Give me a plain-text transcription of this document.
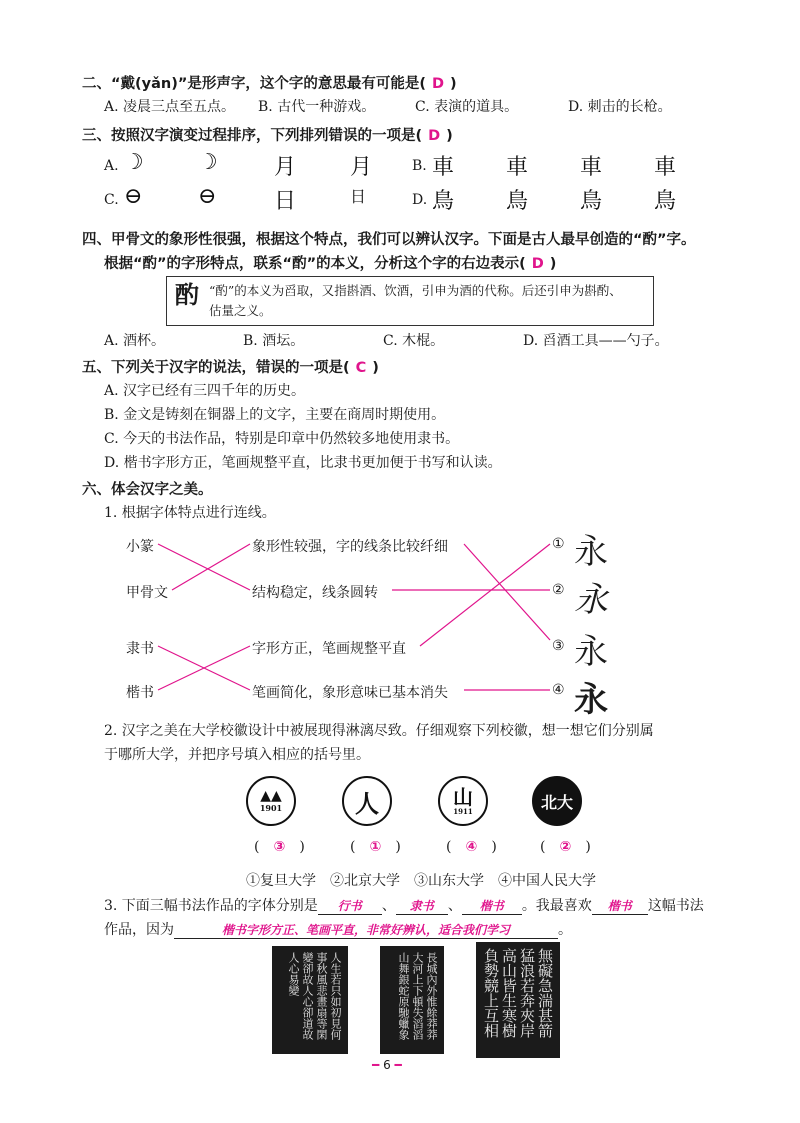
二、“戴(yǎn)”是形声字，这个字的意思最有可能是( D )
A. 凌晨三点至五点。 B. 古代一种游戏。	C. 表演的道具。	D. 刺击的长枪。
三、按照汉字演变过程排序，下列排列错误的一项是( D )
A. ☽ ☽	月 月	B. 車 車 車 車
C. ⊖	⊖	日	日	D. 鳥 鳥 鳥 鳥
四、甲骨文的象形性很强，根据这个特点，我们可以辨认汉字。下面是古人最早创造的“酌”字。
根据“酌”的字形特点，联系“酌”的本义，分析这个字的右边表示( D )
酌 “酌”的本义为舀取，又指斟酒、饮酒，引申为酒的代称。后还引申为斟酌、
估量之义。
A. 酒杯。	B. 酒坛。	C. 木棍。	D. 舀酒工具——勺子。
五、下列关于汉字的说法，错误的一项是( C )
A. 汉字已经有三四千年的历史。
B. 金文是铸刻在铜器上的文字，主要在商周时期使用。
C. 今天的书法作品，特别是印章中仍然较多地使用隶书。
D. 楷书字形方正，笔画规整平直，比隶书更加便于书写和认读。
六、体会汉字之美。
1. 根据字体特点进行连线。
小篆
甲骨文
隶书
楷书
象形性较强，字的线条比较纤细
结构稳定，线条圆转
字形方正，笔画规整平直
笔画简化，象形意味已基本消失
①
②
③
④
永
永
永
永
2. 汉字之美在大学校徽设计中被展现得淋漓尽致。仔细观察下列校徽，想一想它们分别属
于哪所大学，并把序号填入相应的括号里。
▲▲
1901	人	山
1911	北大
(　③　)	(　①　)	(　④　)	(　②　)
①复旦大学　②北京大学　③山东大学　④中国人民大学
3. 下面三幅书法作品的字体分别是 行书 、 隶书 、 楷书 。我最喜欢 楷书 这幅书法
作品，因为	楷书字形方正、笔画平直，非常好辨认，适合我们学习	。
人生若只如初見何事秋風悲畫扇等閑變卻故人心卻道故人心易變	長城內外惟餘莽莽大河上下頓失滔滔山舞銀蛇原馳蠟象	無礙急湍甚箭猛浪若奔夾岸高山皆生寒樹負勢競上互相
━ 6 ━
